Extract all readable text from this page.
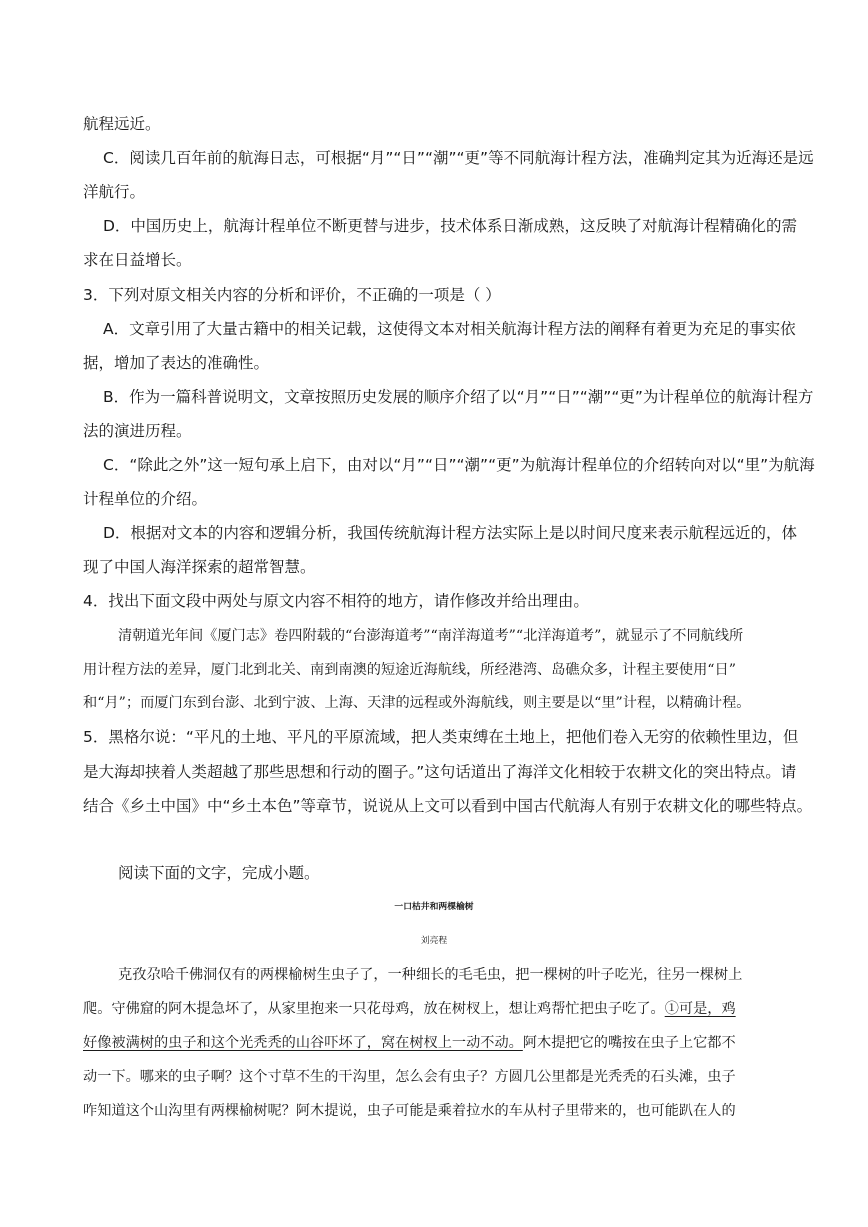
航程远近。
C．阅读几百年前的航海日志，可根据“月”“日”“潮”“更”等不同航海计程方法，准确判定其为近海还是远
洋航行。
D．中国历史上，航海计程单位不断更替与进步，技术体系日渐成熟，这反映了对航海计程精确化的需
求在日益增长。
3．下列对原文相关内容的分析和评价，不正确的一项是（ ）
A．文章引用了大量古籍中的相关记载，这使得文本对相关航海计程方法的阐释有着更为充足的事实依
据，增加了表达的准确性。
B．作为一篇科普说明文，文章按照历史发展的顺序介绍了以“月”“日”“潮”“更”为计程单位的航海计程方
法的演进历程。
C．“除此之外”这一短句承上启下，由对以“月”“日”“潮”“更”为航海计程单位的介绍转向对以“里”为航海
计程单位的介绍。
D．根据对文本的内容和逻辑分析，我国传统航海计程方法实际上是以时间尺度来表示航程远近的，体
现了中国人海洋探索的超常智慧。
4．找出下面文段中两处与原文内容不相符的地方，请作修改并给出理由。
清朝道光年间《厦门志》卷四附载的“台澎海道考”“南洋海道考”“北洋海道考”，就显示了不同航线所
用计程方法的差异，厦门北到北关、南到南澳的短途近海航线，所经港湾、岛礁众多，计程主要使用“日”
和“月”；而厦门东到台澎、北到宁波、上海、天津的远程或外海航线，则主要是以“里”计程，以精确计程。
5．黑格尔说：“平凡的土地、平凡的平原流域，把人类束缚在土地上，把他们卷入无穷的依赖性里边，但
是大海却挟着人类超越了那些思想和行动的圈子。”这句话道出了海洋文化相较于农耕文化的突出特点。请
结合《乡土中国》中“乡土本色”等章节，说说从上文可以看到中国古代航海人有别于农耕文化的哪些特点。
阅读下面的文字，完成小题。
一口枯井和两棵榆树
刘亮程
克孜尕哈千佛洞仅有的两棵榆树生虫子了，一种细长的毛毛虫，把一棵树的叶子吃光，往另一棵树上
爬。守佛窟的阿木提急坏了，从家里抱来一只花母鸡，放在树杈上，想让鸡帮忙把虫子吃了。①可是，鸡
好像被满树的虫子和这个光秃秃的山谷吓坏了，窝在树杈上一动不动。阿木提把它的嘴按在虫子上它都不
动一下。哪来的虫子啊？这个寸草不生的干沟里，怎么会有虫子？方圆几公里都是光秃秃的石头滩，虫子
咋知道这个山沟里有两棵榆树呢？阿木提说，虫子可能是乘着拉水的车从村子里带来的，也可能趴在人的
